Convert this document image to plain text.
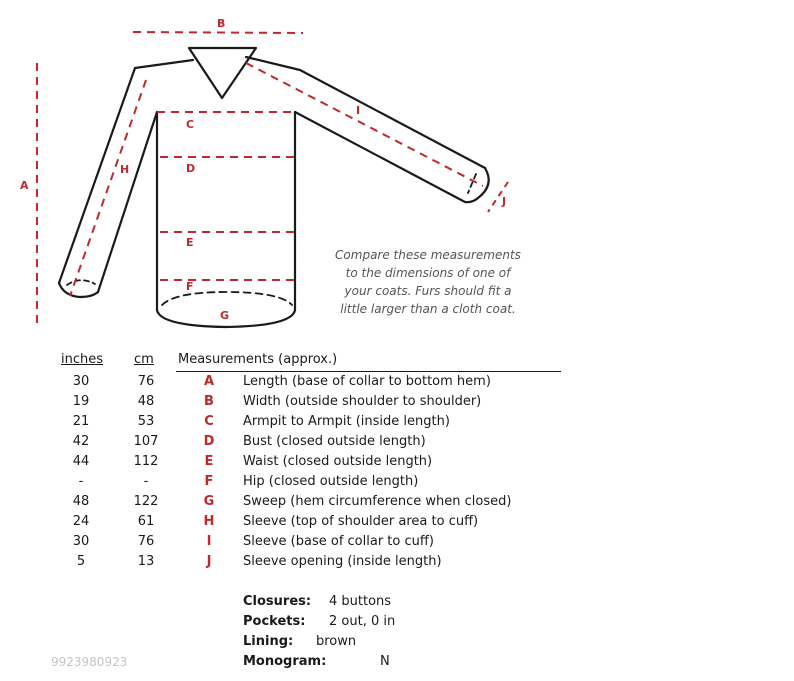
B
A
C
D
E
F
G
H
I
J
Compare these measurements
to the dimensions of one of
your coats. Furs should fit a
little larger than a cloth coat.
inches cm Measurements (approx.)
30	76	A	Length (base of collar to bottom hem)
19	48	B	Width (outside shoulder to shoulder)
21	53	C	Armpit to Armpit (inside length)
42	107	D	Bust (closed outside length)
44	112	E	Waist (closed outside length)
-	-	F	Hip (closed outside length)
48	122	G	Sweep (hem circumference when closed)
24	61	H	Sleeve (top of shoulder area to cuff)
30	76	I	Sleeve (base of collar to cuff)
5	13	J	Sleeve opening (inside length)
Closures: 4 buttons
Pockets: 2 out, 0 in
Lining: brown
Monogram:	N
9923980923
